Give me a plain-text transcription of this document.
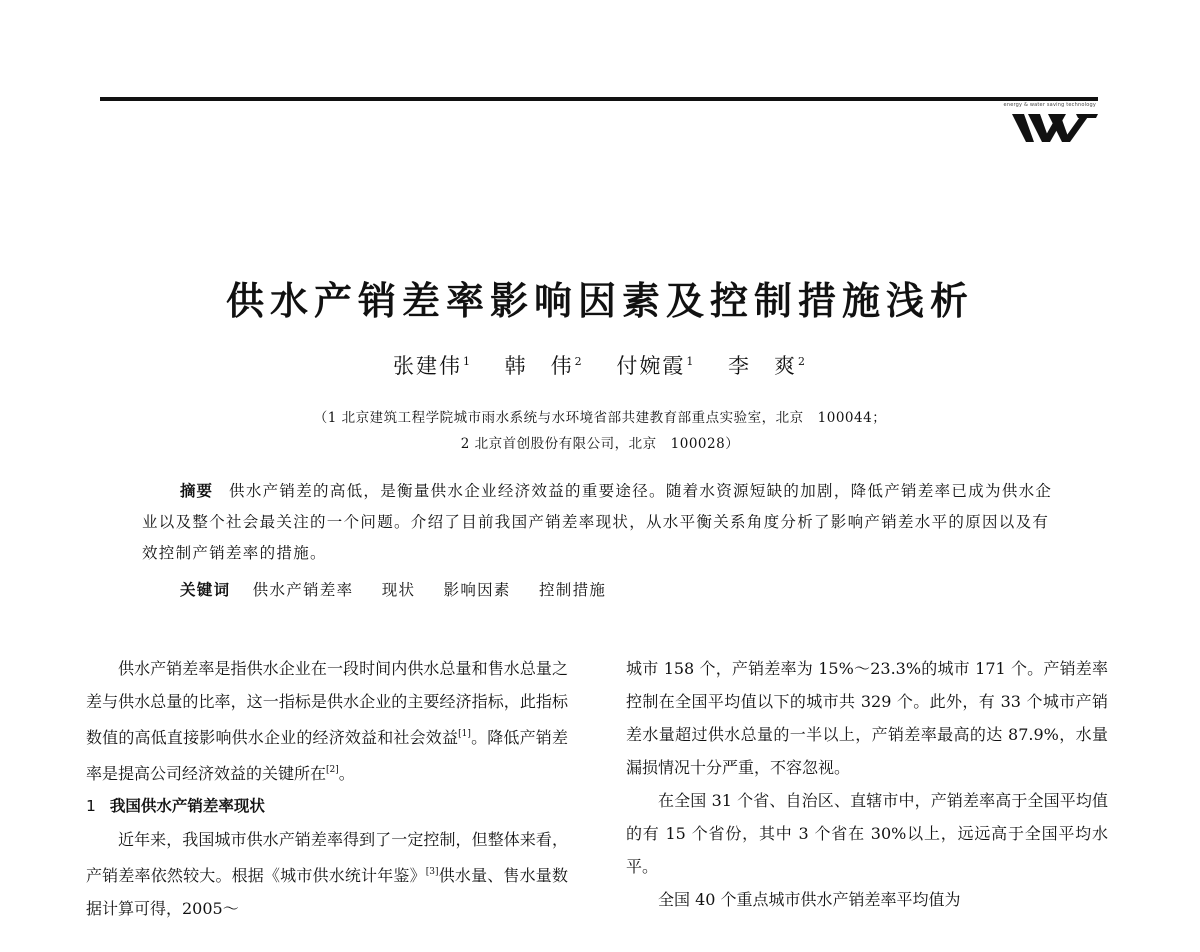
energy & water saving technology
供水产销差率影响因素及控制措施浅析
张建伟$^1$ 韩　伟$^2$ 付婉霞$^1$ 李　爽$^2$
（1 北京建筑工程学院城市雨水系统与水环境省部共建教育部重点实验室，北京　100044；
2 北京首创股份有限公司，北京　100028）
摘要 供水产销差的高低，是衡量供水企业经济效益的重要途径。随着水资源短缺的加剧，降低产销差率已成为供水企业以及整个社会最关注的一个问题。介绍了目前我国产销差率现状，从水平衡关系角度分析了影响产销差水平的原因以及有效控制产销差率的措施。
关键词 供水产销差率 现状 影响因素 控制措施

供水产销差率是指供水企业在一段时间内供水总量和售水总量之差与供水总量的比率，这一指标是供水企业的主要经济指标，此指标数值的高低直接影响供水企业的经济效益和社会效益[1]。降低产销差率是提高公司经济效益的关键所在[2]。

1 我国供水产销差率现状

近年来，我国城市供水产销差率得到了一定控制，但整体来看，产销差率依然较大。根据《城市供水统计年鉴》[3]供水量、售水量数据计算可得，2005～

城市 158 个，产销差率为 15%～23.3%的城市 171 个。产销差率控制在全国平均值以下的城市共 329 个。此外，有 33 个城市产销差水量超过供水总量的一半以上，产销差率最高的达 87.9%，水量漏损情况十分严重，不容忽视。

在全国 31 个省、自治区、直辖市中，产销差率高于全国平均值的有 15 个省份，其中 3 个省在 30%以上，远远高于全国平均水平。

全国 40 个重点城市供水产销差率平均值为
